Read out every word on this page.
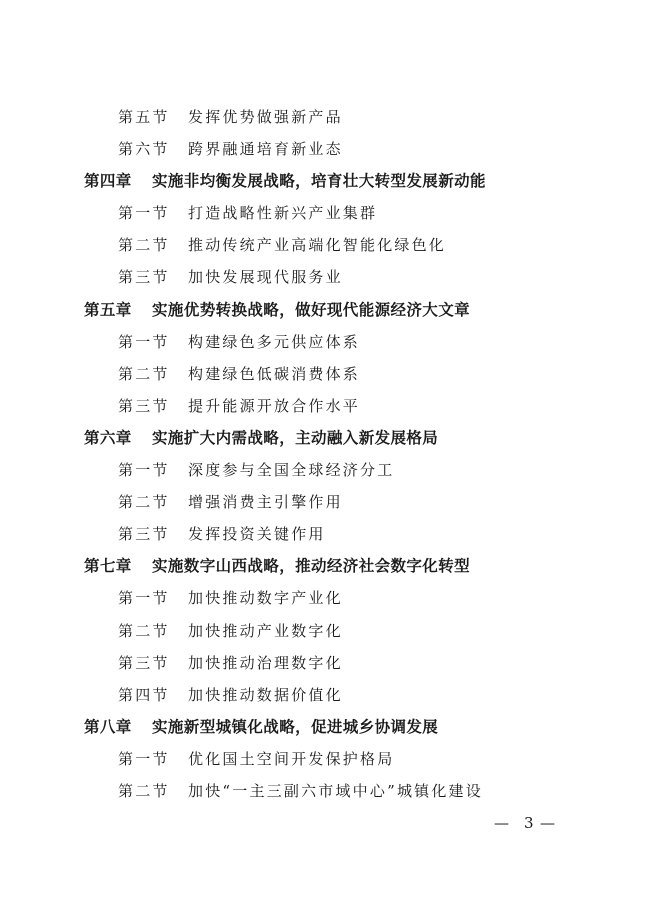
第五节 发挥优势做强新产品
第六节 跨界融通培育新业态
第四章 实施非均衡发展战略，培育壮大转型发展新动能
第一节 打造战略性新兴产业集群
第二节 推动传统产业高端化智能化绿色化
第三节 加快发展现代服务业
第五章 实施优势转换战略，做好现代能源经济大文章
第一节 构建绿色多元供应体系
第二节 构建绿色低碳消费体系
第三节 提升能源开放合作水平
第六章 实施扩大内需战略，主动融入新发展格局
第一节 深度参与全国全球经济分工
第二节 增强消费主引擎作用
第三节 发挥投资关键作用
第七章 实施数字山西战略，推动经济社会数字化转型
第一节 加快推动数字产业化
第二节 加快推动产业数字化
第三节 加快推动治理数字化
第四节 加快推动数据价值化
第八章 实施新型城镇化战略，促进城乡协调发展
第一节 优化国土空间开发保护格局
第二节 加快“一主三副六市域中心”城镇化建设
— 3 —
